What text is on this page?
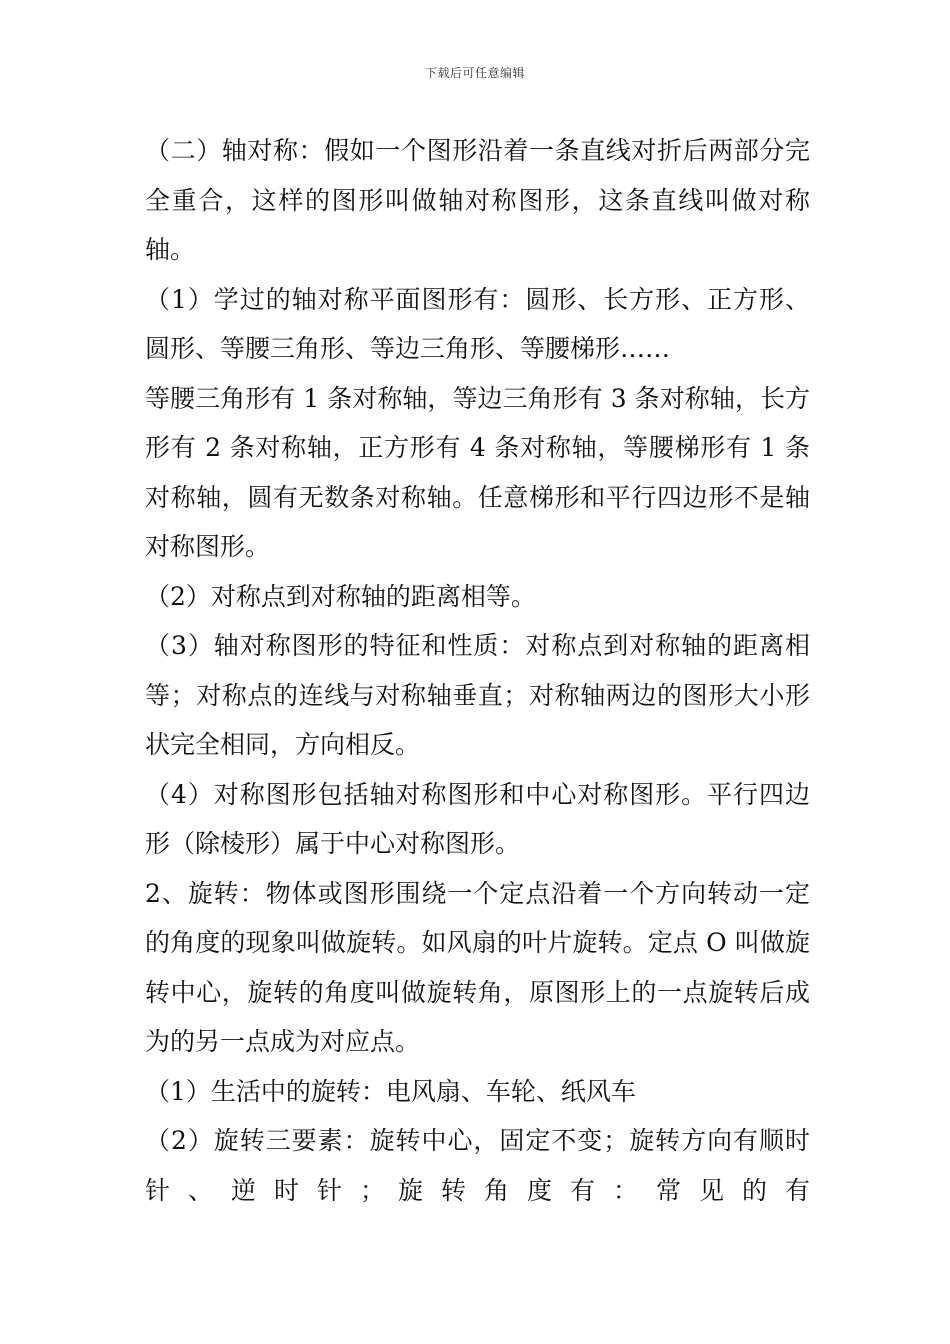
下载后可任意编辑

（二）轴对称：假如一个图形沿着一条直线对折后两部分完全重合，这样的图形叫做轴对称图形，这条直线叫做对称轴。

（1）学过的轴对称平面图形有：圆形、长方形、正方形、圆形、等腰三角形、等边三角形、等腰梯形……

等腰三角形有 1 条对称轴，等边三角形有 3 条对称轴，长方形有 2 条对称轴，正方形有 4 条对称轴，等腰梯形有 1 条对称轴，圆有无数条对称轴。任意梯形和平行四边形不是轴对称图形。

（2）对称点到对称轴的距离相等。

（3）轴对称图形的特征和性质：对称点到对称轴的距离相等；对称点的连线与对称轴垂直；对称轴两边的图形大小形状完全相同，方向相反。

（4）对称图形包括轴对称图形和中心对称图形。平行四边形（除棱形）属于中心对称图形。

2、旋转：物体或图形围绕一个定点沿着一个方向转动一定的角度的现象叫做旋转。如风扇的叶片旋转。定点 O 叫做旋转中心，旋转的角度叫做旋转角，原图形上的一点旋转后成为的另一点成为对应点。

（1）生活中的旋转：电风扇、车轮、纸风车

（2）旋转三要素：旋转中心，固定不变；旋转方向有顺时针 、 逆 时 针 ； 旋 转 角 度 有 ： 常 见 的 有
